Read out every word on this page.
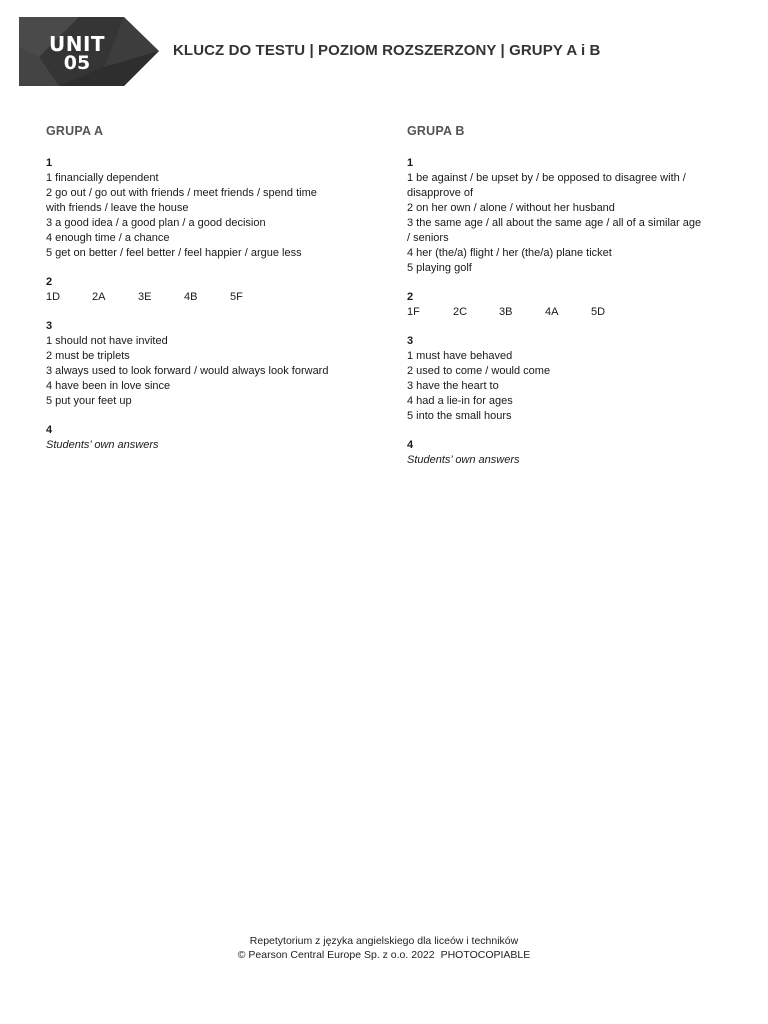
UNIT
05
KLUCZ DO TESTU | POZIOM ROZSZERZONY | GRUPY A i B
GRUPA A
1
1 financially dependent
2 go out / go out with friends / meet friends / spend time
with friends / leave the house
3 a good idea / a good plan / a good decision
4 enough time / a chance
5 get on better / feel better / feel happier / argue less
2
1D	2A	3E	4B	5F
3
1 should not have invited
2 must be triplets
3 always used to look forward / would always look forward
4 have been in love since
5 put your feet up
4
Students’ own answers
GRUPA B
1
1 be against / be upset by / be opposed to disagree with /
disapprove of
2 on her own / alone / without her husband
3 the same age / all about the same age / all of a similar age
/ seniors
4 her (the/a) flight / her (the/a) plane ticket
5 playing golf
2
1F	2C	3B	4A	5D
3
1 must have behaved
2 used to come / would come
3 have the heart to
4 had a lie-in for ages
5 into the small hours
4
Students’ own answers
Repetytorium z języka angielskiego dla liceów i techników
© Pearson Central Europe Sp. z o.o. 2022 PHOTOCOPIABLE
